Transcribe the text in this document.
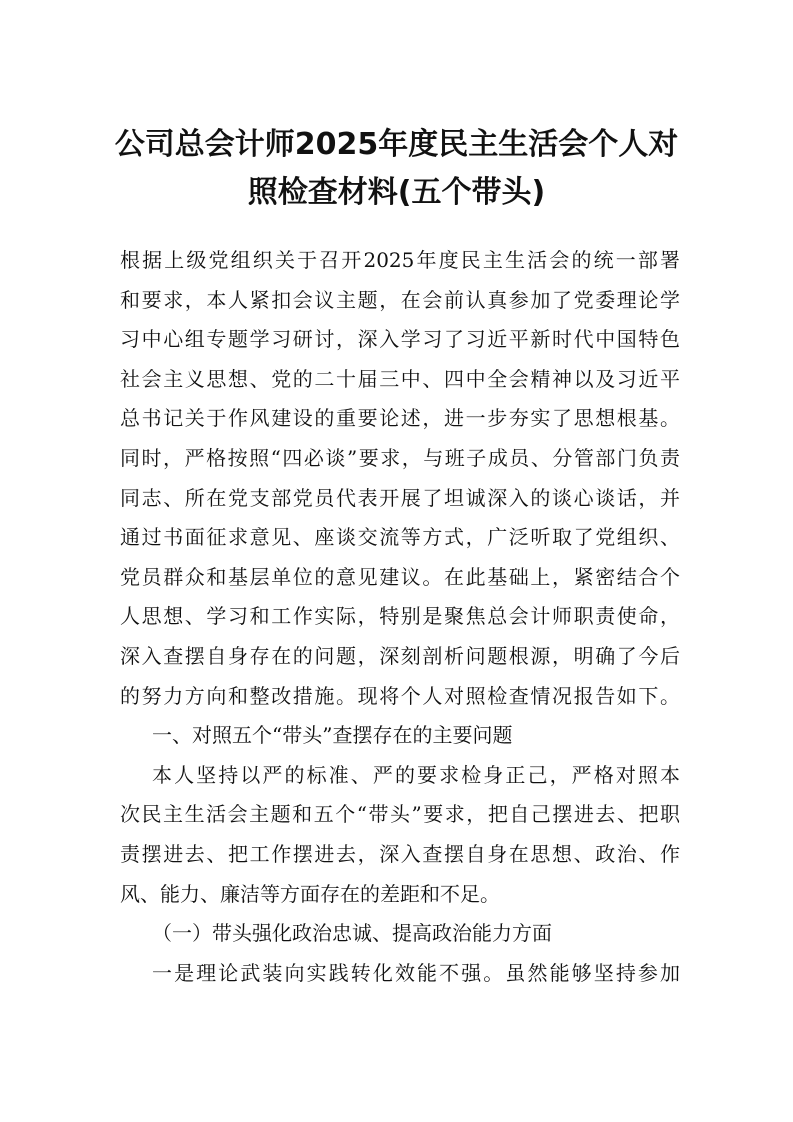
公司总会计师2025年度民主生活会个人对
照检查材料(五个带头)
根据上级党组织关于召开2025年度民主生活会的统一部署
和要求，本人紧扣会议主题，在会前认真参加了党委理论学
习中心组专题学习研讨，深入学习了习近平新时代中国特色
社会主义思想、党的二十届三中、四中全会精神以及习近平
总书记关于作风建设的重要论述，进一步夯实了思想根基。
同时，严格按照“四必谈”要求，与班子成员、分管部门负责
同志、所在党支部党员代表开展了坦诚深入的谈心谈话，并
通过书面征求意见、座谈交流等方式，广泛听取了党组织、
党员群众和基层单位的意见建议。在此基础上，紧密结合个
人思想、学习和工作实际，特别是聚焦总会计师职责使命，
深入查摆自身存在的问题，深刻剖析问题根源，明确了今后
的努力方向和整改措施。现将个人对照检查情况报告如下。
一、对照五个“带头”查摆存在的主要问题
本人坚持以严的标准、严的要求检身正己，严格对照本
次民主生活会主题和五个“带头”要求，把自己摆进去、把职
责摆进去、把工作摆进去，深入查摆自身在思想、政治、作
风、能力、廉洁等方面存在的差距和不足。
（一）带头强化政治忠诚、提高政治能力方面
一是理论武装向实践转化效能不强。虽然能够坚持参加
